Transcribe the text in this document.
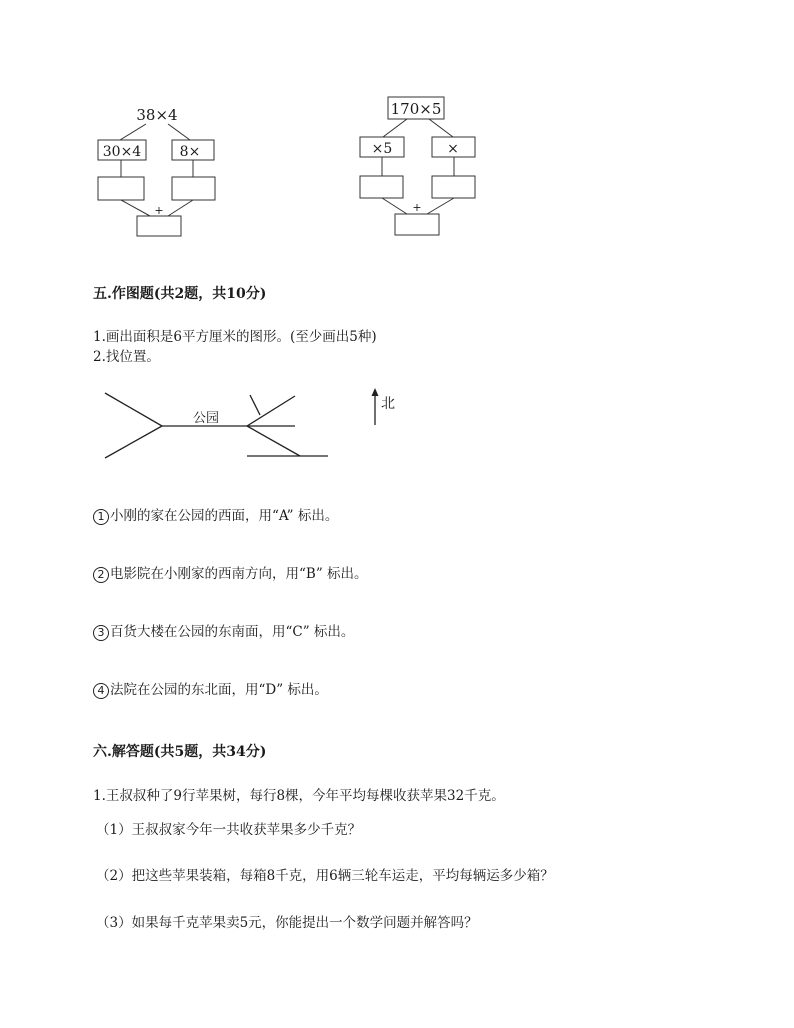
38×4
30×4	8×
+
170×5
×5	×
+
五.作图题(共2题，共10分)
1.画出面积是6平方厘米的图形。(至少画出5种)
2.找位置。
公园
北
1 小刚的家在公园的西面，用“A” 标出。
2 电影院在小刚家的西南方向，用“B” 标出。
3 百货大楼在公园的东南面，用“C” 标出。
4 法院在公园的东北面，用“D” 标出。
六.解答题(共5题，共34分)
1.王叔叔种了9行苹果树，每行8棵，今年平均每棵收获苹果32千克。
（1）王叔叔家今年一共收获苹果多少千克？
（2）把这些苹果装箱，每箱8千克，用6辆三轮车运走，平均每辆运多少箱？
（3）如果每千克苹果卖5元，你能提出一个数学问题并解答吗？
